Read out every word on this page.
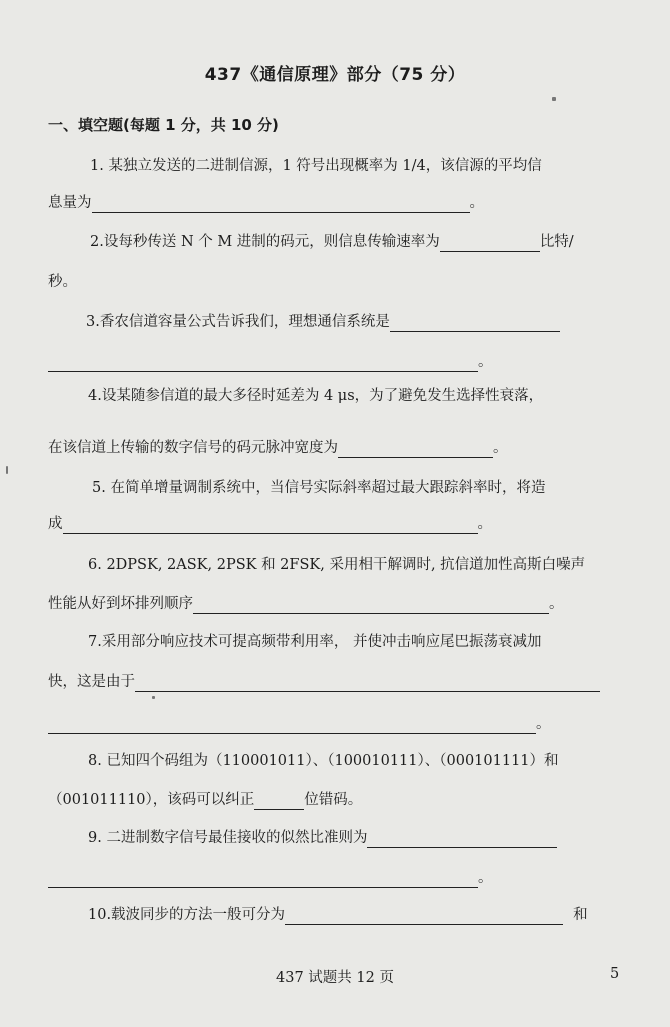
437《通信原理》部分（75 分）
一、填空题(每题 1 分，共 10 分)
1. 某独立发送的二进制信源，1 符号出现概率为 1/4，该信源的平均信
息量为	。
2.设每秒传送 N 个 M 进制的码元，则信息传输速率为	比特/
秒。
3.香农信道容量公式告诉我们，理想通信系统是
。
4.设某随参信道的最大多径时延差为 4 μs，为了避免发生选择性衰落，
在该信道上传输的数字信号的码元脉冲宽度为	。
5. 在简单增量调制系统中，当信号实际斜率超过最大跟踪斜率时，将造
成	。
6. 2DPSK, 2ASK, 2PSK 和 2FSK, 采用相干解调时, 抗信道加性高斯白噪声
性能从好到坏排列顺序	。
7.采用部分响应技术可提高频带利用率， 并使冲击响应尾巴振荡衰减加
快，这是由于
。
8. 已知四个码组为（110001011）、（100010111）、（000101111）和
（001011110），该码可以纠正	位错码。
9. 二进制数字信号最佳接收的似然比准则为
。
10.载波同步的方法一般可分为	和
437 试题共 12 页	5
